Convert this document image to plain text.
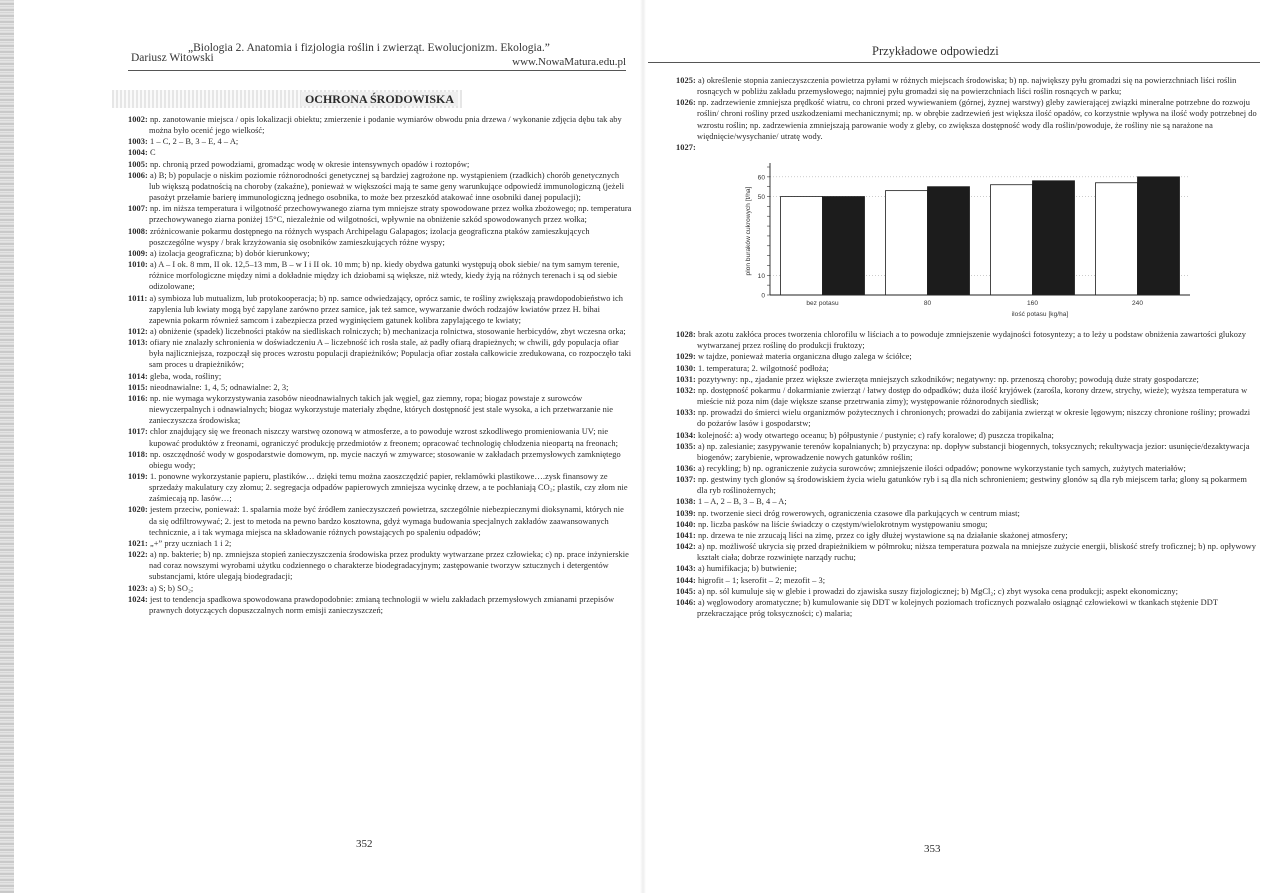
„Biologia 2. Anatomia i fizjologia roślin i zwierząt. Ewolucjonizm. Ekologia.”
Dariusz Witowski	www.NowaMatura.edu.pl
OCHRONA ŚRODOWISKA

1002: np. zanotowanie miejsca / opis lokalizacji obiektu; zmierzenie i podanie wymiarów obwodu pnia drzewa / wykonanie zdjęcia dębu tak aby można było ocenić jego wielkość;

1003: 1 – C, 2 – B, 3 – E, 4 – A;

1004: C

1005: np. chronią przed powodziami, gromadząc wodę w okresie intensywnych opadów i roztopów;

1006: a) B; b) populacje o niskim poziomie różnorodności genetycznej są bardziej zagrożone np. wystąpieniem (rzadkich) chorób genetycznych lub większą podatnością na choroby (zakaźne), ponieważ w większości mają te same geny warunkujące odpowiedź immunologiczną (jeżeli pasożyt przełamie barierę immunologiczną jednego osobnika, to może bez przeszkód atakować inne osobniki danej populacji);

1007: np. im niższa temperatura i wilgotność przechowywanego ziarna tym mniejsze straty spowodowane przez wołka zbożowego; np. temperatura przechowywanego ziarna poniżej 15°C, niezależnie od wilgotności, wpływnie na obniżenie szkód spowodowanych przez wołka;

1008: zróżnicowanie pokarmu dostępnego na różnych wyspach Archipelagu Galapagos; izolacja geograficzna ptaków zamieszkujących poszczególne wyspy / brak krzyżowania się osobników zamieszkujących różne wyspy;

1009: a) izolacja geograficzna; b) dobór kierunkowy;

1010: a) A – I ok. 8 mm, II ok. 12,5–13 mm, B – w I i II ok. 10 mm; b) np. kiedy obydwa gatunki występują obok siebie/ na tym samym terenie, różnice morfologiczne między nimi a dokładnie między ich dziobami są większe, niż wtedy, kiedy żyją na różnych terenach i są od siebie odizolowane;

1011: a) symbioza lub mutualizm, lub protokooperacja; b) np. samce odwiedzający, oprócz samic, te rośliny zwiększają prawdopodobieństwo ich zapylenia lub kwiaty mogą być zapylane zarówno przez samice, jak też samce, wywarzanie dwóch rodzajów kwiatów przez H. bihai zapewnia pokarm równieź samcom i zabezpiecza przed wyginięciem gatunek kolibra zapylającego te kwiaty;

1012: a) obniżenie (spadek) liczebności ptaków na siedliskach rolniczych; b) mechanizacja rolnictwa, stosowanie herbicydów, zbyt wczesna orka;

1013: ofiary nie znalazły schronienia w doświadczeniu A – liczebność ich rosła stale, aż padły ofiarą drapieżnych; w chwili, gdy populacja ofiar była najliczniejsza, rozpoczął się proces wzrostu populacji drapieżników; Populacja ofiar została całkowicie zredukowana, co rozpoczęło taki sam proces u drapieżników;

1014: gleba, woda, rośliny;

1015: nieodnawialne: 1, 4, 5; odnawialne: 2, 3;

1016: np. nie wymaga wykorzystywania zasobów nieodnawialnych takich jak węgiel, gaz ziemny, ropa; biogaz powstaje z surowców niewyczerpalnych i odnawialnych; biogaz wykorzystuje materiały zbędne, których dostępność jest stale wysoka, a ich przetwarzanie nie zanieczyszcza środowiska;

1017: chlor znajdujący się we freonach niszczy warstwę ozonową w atmosferze, a to powoduje wzrost szkodliwego promieniowania UV; nie kupować produktów z freonami, ograniczyć produkcję przedmiotów z freonem; opracować technologię chłodzenia nieopartą na freonach;

1018: np. oszczędność wody w gospodarstwie domowym, np. mycie naczyń w zmywarce; stosowanie w zakładach przemysłowych zamkniętego obiegu wody;

1019: 1. ponowne wykorzystanie papieru, plastików… dzięki temu można zaoszczędzić papier, reklamówki plastikowe….zysk finansowy ze sprzedaży makulatury czy złomu; 2. segregacja odpadów papierowych zmniejsza wycinkę drzew, a te pochłaniają CO₂; plastik, czy złom nie zaśmiecają np. lasów…;

1020: jestem przeciw, ponieważ: 1. spalarnia może być źródłem zanieczyszczeń powietrza, szczególnie niebezpiecznymi dioksynami, których nie da się odfiltrowywać; 2. jest to metoda na pewno bardzo kosztowna, gdyż wymaga budowania specjalnych zakładów zaawansowanych technicznie, a i tak wymaga miejsca na składowanie różnych powstających po spaleniu odpadów;

1021: „+” przy uczniach 1 i 2;

1022: a) np. bakterie; b) np. zmniejsza stopień zanieczyszczenia środowiska przez produkty wytwarzane przez człowieka; c) np. prace inżynierskie nad coraz nowszymi wyrobami użytku codziennego o charakterze biodegradacyjnym; zastępowanie tworzyw sztucznych i detergentów substancjami, które ulegają biodegradacji;

1023: a) S; b) SO₂;

1024: jest to tendencja spadkowa spowodowana prawdopodobnie: zmianą technologii w wielu zakładach przemysłowych zmianami przepisów prawnych dotyczących dopuszczalnych norm emisji zanieczyszczeń;

352
Przykładowe odpowiedzi

1025: a) określenie stopnia zanieczyszczenia powietrza pyłami w różnych miejscach środowiska; b) np. największy pyłu gromadzi się na powierzchniach liści roślin rosnących w pobliżu zakładu przemysłowego; najmniej pyłu gromadzi się na powierzchniach liści roślin rosnących w parku;

1026: np. zadrzewienie zmniejsza prędkość wiatru, co chroni przed wywiewaniem (górnej, żyznej warstwy) gleby zawierającej związki mineralne potrzebne do rozwoju roślin/ chroni rośliny przed uszkodzeniami mechanicznymi; np. w obrębie zadrzewień jest większa ilość opadów, co korzystnie wpływa na ilość wody potrzebnej do wzrostu roślin; np. zadrzewienia zmniejszają parowanie wody z gleby, co zwiększa dostępność wody dla roślin/powoduje, że rośliny nie są narażone na więdnięcie/wysychanie/ utratę wody.

1027:

bez potasu	80	160	240
0
10
50
60
ilość potasu [kg/ha]
plon buraków cukrowych [t/ha]

1028: brak azotu zakłóca proces tworzenia chlorofilu w liściach a to powoduje zmniejszenie wydajności fotosyntezy; a to leży u podstaw obniżenia zawartości glukozy wytwarzanej przez roślinę do produkcji fruktozy;

1029: w tajdze, ponieważ materia organiczna długo zalega w ściółce;

1030: 1. temperatura; 2. wilgotność podłoża;

1031: pozytywny: np., zjadanie przez większe zwierzęta mniejszych szkodników; negatywny: np. przenoszą choroby; powodują duże straty gospodarcze;

1032: np. dostępność pokarmu / dokarmianie zwierząt / łatwy dostęp do odpadków; duża ilość kryjówek (zarośla, korony drzew, strychy, wieże); wyższa temperatura w mieście niż poza nim (daje większe szanse przetrwania zimy); występowanie różnorodnych siedlisk;

1033: np. prowadzi do śmierci wielu organizmów pożytecznych i chronionych; prowadzi do zabijania zwierząt w okresie lęgowym; niszczy chronione rośliny; prowadzi do pożarów lasów i gospodarstw;

1034: kolejność: a) wody otwartego oceanu; b) półpustynie / pustynie; c) rafy koralowe; d) puszcza tropikalna;

1035: a) np. zalesianie; zasypywanie terenów kopalnianych; b) przyczyna: np. dopływ substancji biogennych, toksycznych; rekultywacja jezior: usunięcie/dezaktywacja biogenów; zarybienie, wprowadzenie nowych gatunków roślin;

1036: a) recykling; b) np. ograniczenie zużycia surowców; zmniejszenie ilości odpadów; ponowne wykorzystanie tych samych, zużytych materiałów;

1037: np. gestwiny tych glonów są środowiskiem życia wielu gatunków ryb i są dla nich schronieniem; gestwiny glonów są dla ryb miejscem tarła; glony są pokarmem dla ryb roślinożernych;

1038: 1 – A, 2 – B, 3 – B, 4 – A;

1039: np. tworzenie sieci dróg rowerowych, ograniczenia czasowe dla parkujących w centrum miast;

1040: np. liczba pasków na liście świadczy o częstym/wielokrotnym występowaniu smogu;

1041: np. drzewa te nie zrzucają liści na zimę, przez co igły dłużej wystawione są na działanie skażonej atmosfery;

1042: a) np. możliwość ukrycia się przed drapieżnikiem w półmroku; niższa temperatura pozwala na mniejsze zużycie energii, bliskość strefy troficznej; b) np. opływowy kształt ciała; dobrze rozwinięte narządy ruchu;

1043: a) humifikacja; b) butwienie;

1044: higrofit – 1; kserofit – 2; mezofit – 3;

1045: a) np. sól kumuluje się w glebie i prowadzi do zjawiska suszy fizjologicznej; b) MgCl₂; c) zbyt wysoka cena produkcji; aspekt ekonomiczny;

1046: a) węglowodory aromatyczne; b) kumulowanie się DDT w kolejnych poziomach troficznych pozwalało osiągnąć człowiekowi w tkankach stężenie DDT przekraczające próg toksyczności; c) malaria;

353
